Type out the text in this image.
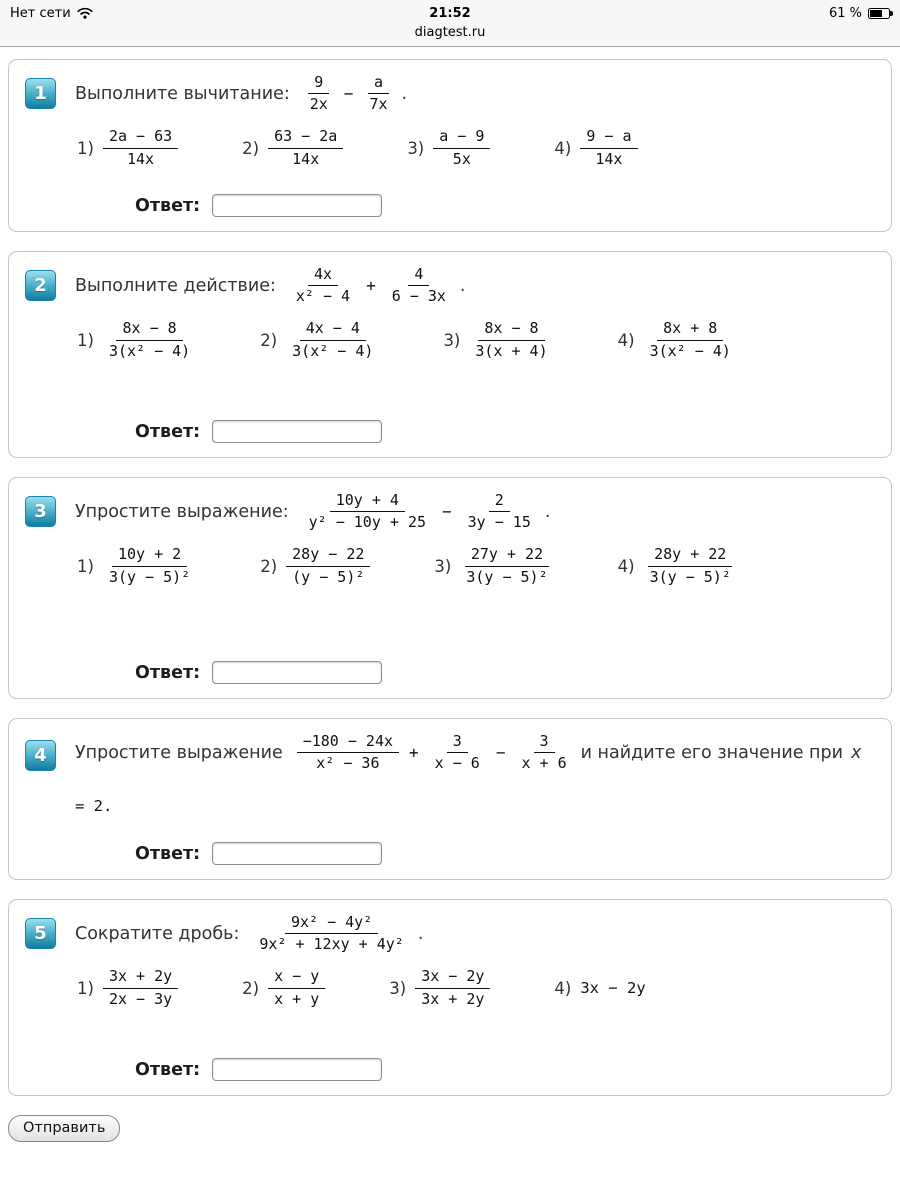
Нет сети	21:52	61 %
diagtest.ru
1	Выполните вычитание: $\frac{9}{2x} - \frac{a}{7x}$ .
$1) \frac{2a - 63}{14x}$	$2) \frac{63 - 2a}{14x}$	$3) \frac{a - 9}{5x}$	$4) \frac{9 - a}{14x}$
Ответ:
2	Выполните действие: $\frac{4x}{\text{x² − 4}} + \frac{4}{6 - 3x}$ .
$1) \frac{8x - 8}{\text{3(x² − 4)}}$	$2) \frac{4x - 4}{\text{3(x² − 4)}}$	$3) \frac{8x - 8}{3(x + 4)}$	$4) \frac{8x + 8}{\text{3(x² − 4)}}$
Ответ:
3	Упростите выражение: $\frac{10y + 4}{\text{y² − 10y + 25}} - \frac{2}{3y - 15}$ .
$1) \frac{10y + 2}{\text{3(y − 5)²}}$	$2) \frac{28y - 22}{\text{(y − 5)²}}$	$3) \frac{27y + 22}{\text{3(y − 5)²}}$	$4) \frac{28y + 22}{\text{3(y − 5)²}}$
Ответ:
4	Упростите выражение $\frac{-180 - 24x}{\text{x² − 36}} + \frac{3}{x - 6} - \frac{3}{x + 6}$ и найдите его значение при x
= 2.
Ответ:
5	Сократите дробь: $\frac{\text{9x² − 4y²}}{\text{9x² + 12xy + 4y²}}$ .
$1) \frac{3x + 2y}{2x - 3y}$	$2) \frac{x - y}{x + y}$	$3) \frac{3x - 2y}{3x + 2y}$	4) 3x − 2y
Ответ:
Отправить
